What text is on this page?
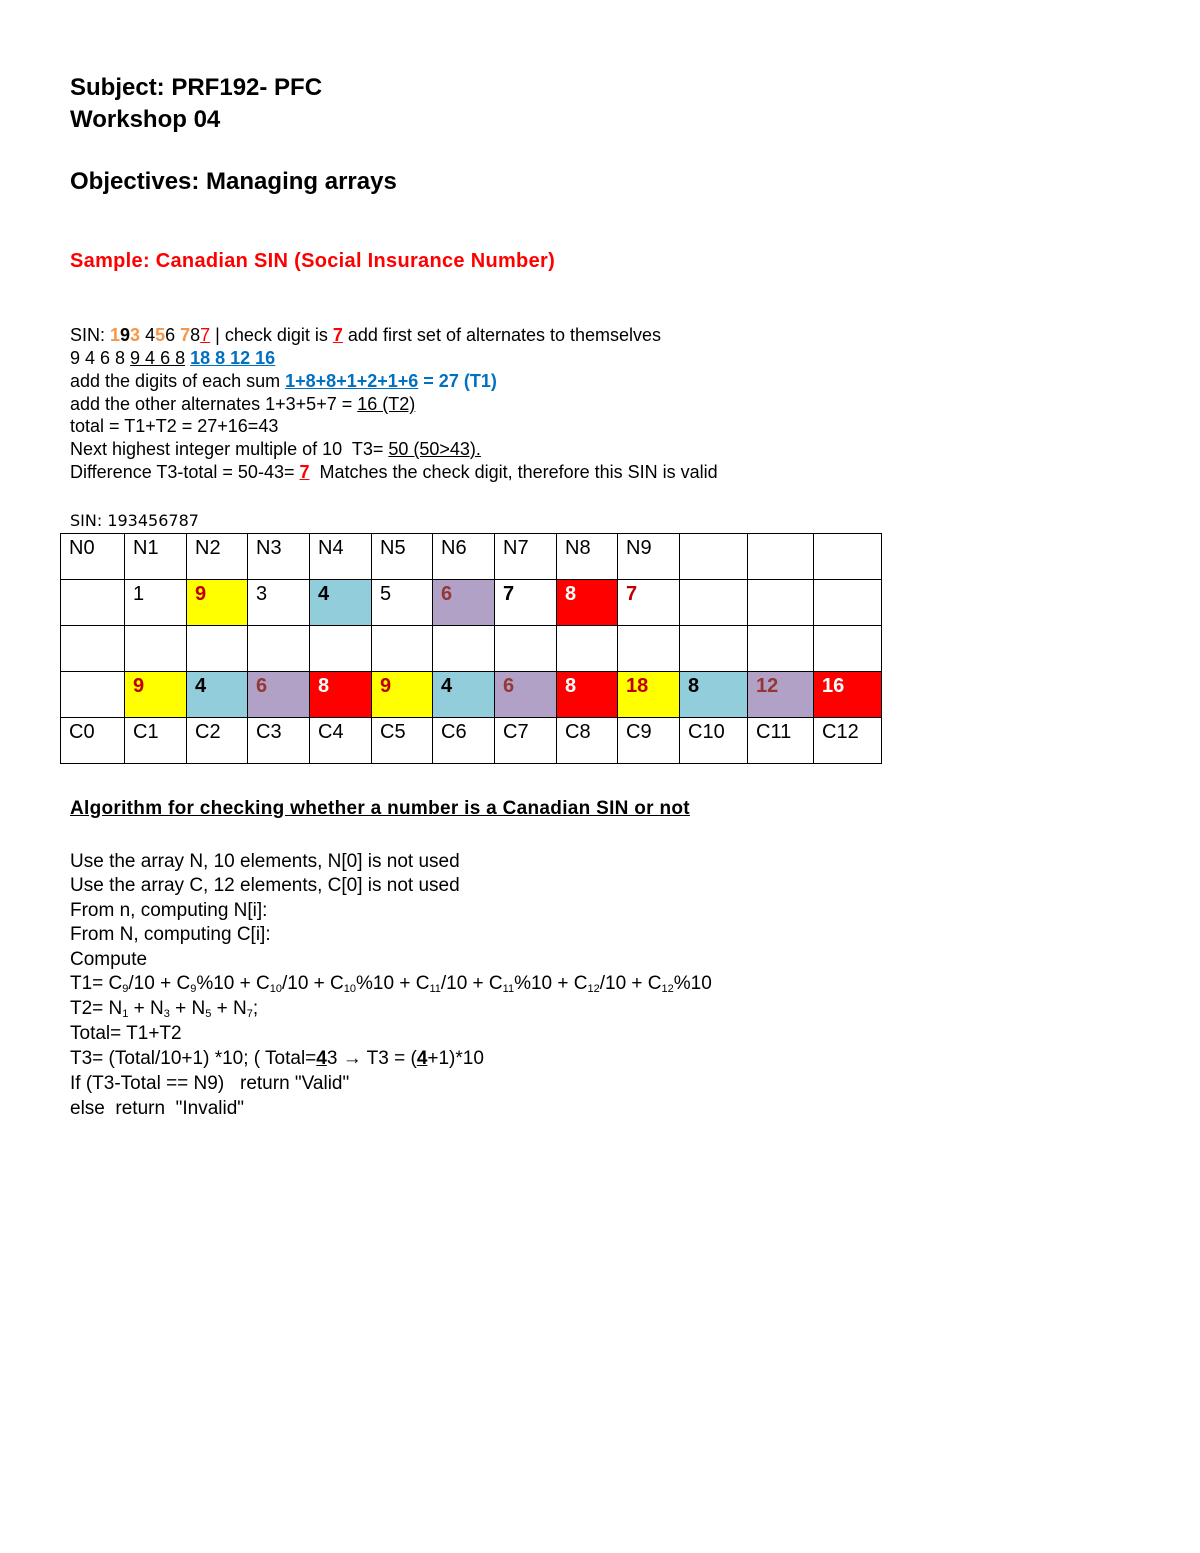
Subject: PRF192- PFC
Workshop 04
Objectives: Managing arrays
Sample: Canadian SIN (Social Insurance Number)
SIN: 193 456 787 | check digit is 7 add first set of alternates to themselves
9 4 6 8 9 4 6 8 18 8 12 16
add the digits of each sum 1+8+8+1+2+1+6 = 27 (T1)
add the other alternates 1+3+5+7 = 16 (T2)
total = T1+T2 = 27+16=43
Next highest integer multiple of 10  T3= 50 (50>43).
Difference T3-total = 50-43= 7  Matches the check digit, therefore this SIN is valid
SIN: 193456787
N0	N1	N2	N3	N4	N5	N6	N7	N8	N9			
	1	9	3	4	5	6	7	8	7			

	9	4	6	8	9	4	6	8	18	8	12	16
C0	C1	C2	C3	C4	C5	C6	C7	C8	C9	C10	C11	C12
Algorithm for checking whether a number is a Canadian SIN or not
Use the array N, 10 elements, N[0] is not used
Use the array C, 12 elements, C[0] is not used
From n, computing N[i]:
From N, computing C[i]:
Compute
$T1= C_9/10 + C_9\%10 + C_{10}/10 + C_{10}\%10 + C_{11}/10 + C_{11}\%10 + C_{12}/10 + C_{12}\%10$
$T2= N_1 + N_3 + N_5 + N_7$;
Total= T1+T2
T3= (Total/10+1) *10; ( Total=43 → T3 = (4+1)*10
If (T3-Total == N9)   return "Valid"
else  return  "Invalid"
